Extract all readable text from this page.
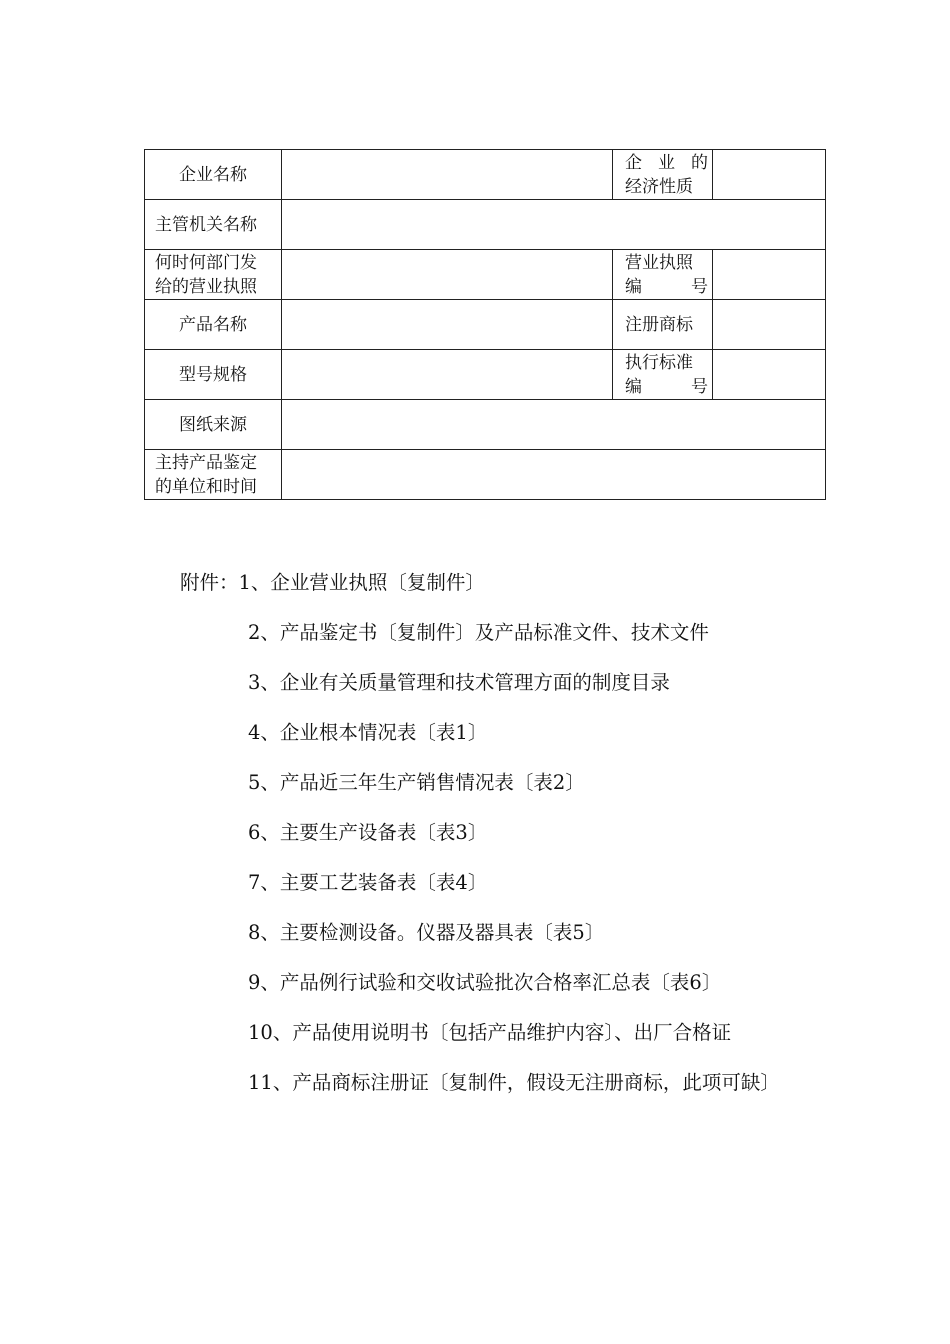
企业名称		企 业 的
经济性质	
主管机关名称			

何时何部门发
给的营业执照		营业执照
编 号	

产品名称		注册商标	
型号规格		执行标准
编 号	

图纸来源			

主持产品鉴定
的单位和时间			

附件：1、企业营业执照〔复制件〕

2、产品鉴定书〔复制件〕及产品标准文件、技术文件

3、企业有关质量管理和技术管理方面的制度目录

4、企业根本情况表〔表1〕

5、产品近三年生产销售情况表〔表2〕

6、主要生产设备表〔表3〕

7、主要工艺装备表〔表4〕

8、主要检测设备。仪器及器具表〔表5〕

9、产品例行试验和交收试验批次合格率汇总表〔表6〕

10、产品使用说明书〔包括产品维护内容〕、出厂合格证

11、产品商标注册证〔复制件，假设无注册商标，此项可缺〕
